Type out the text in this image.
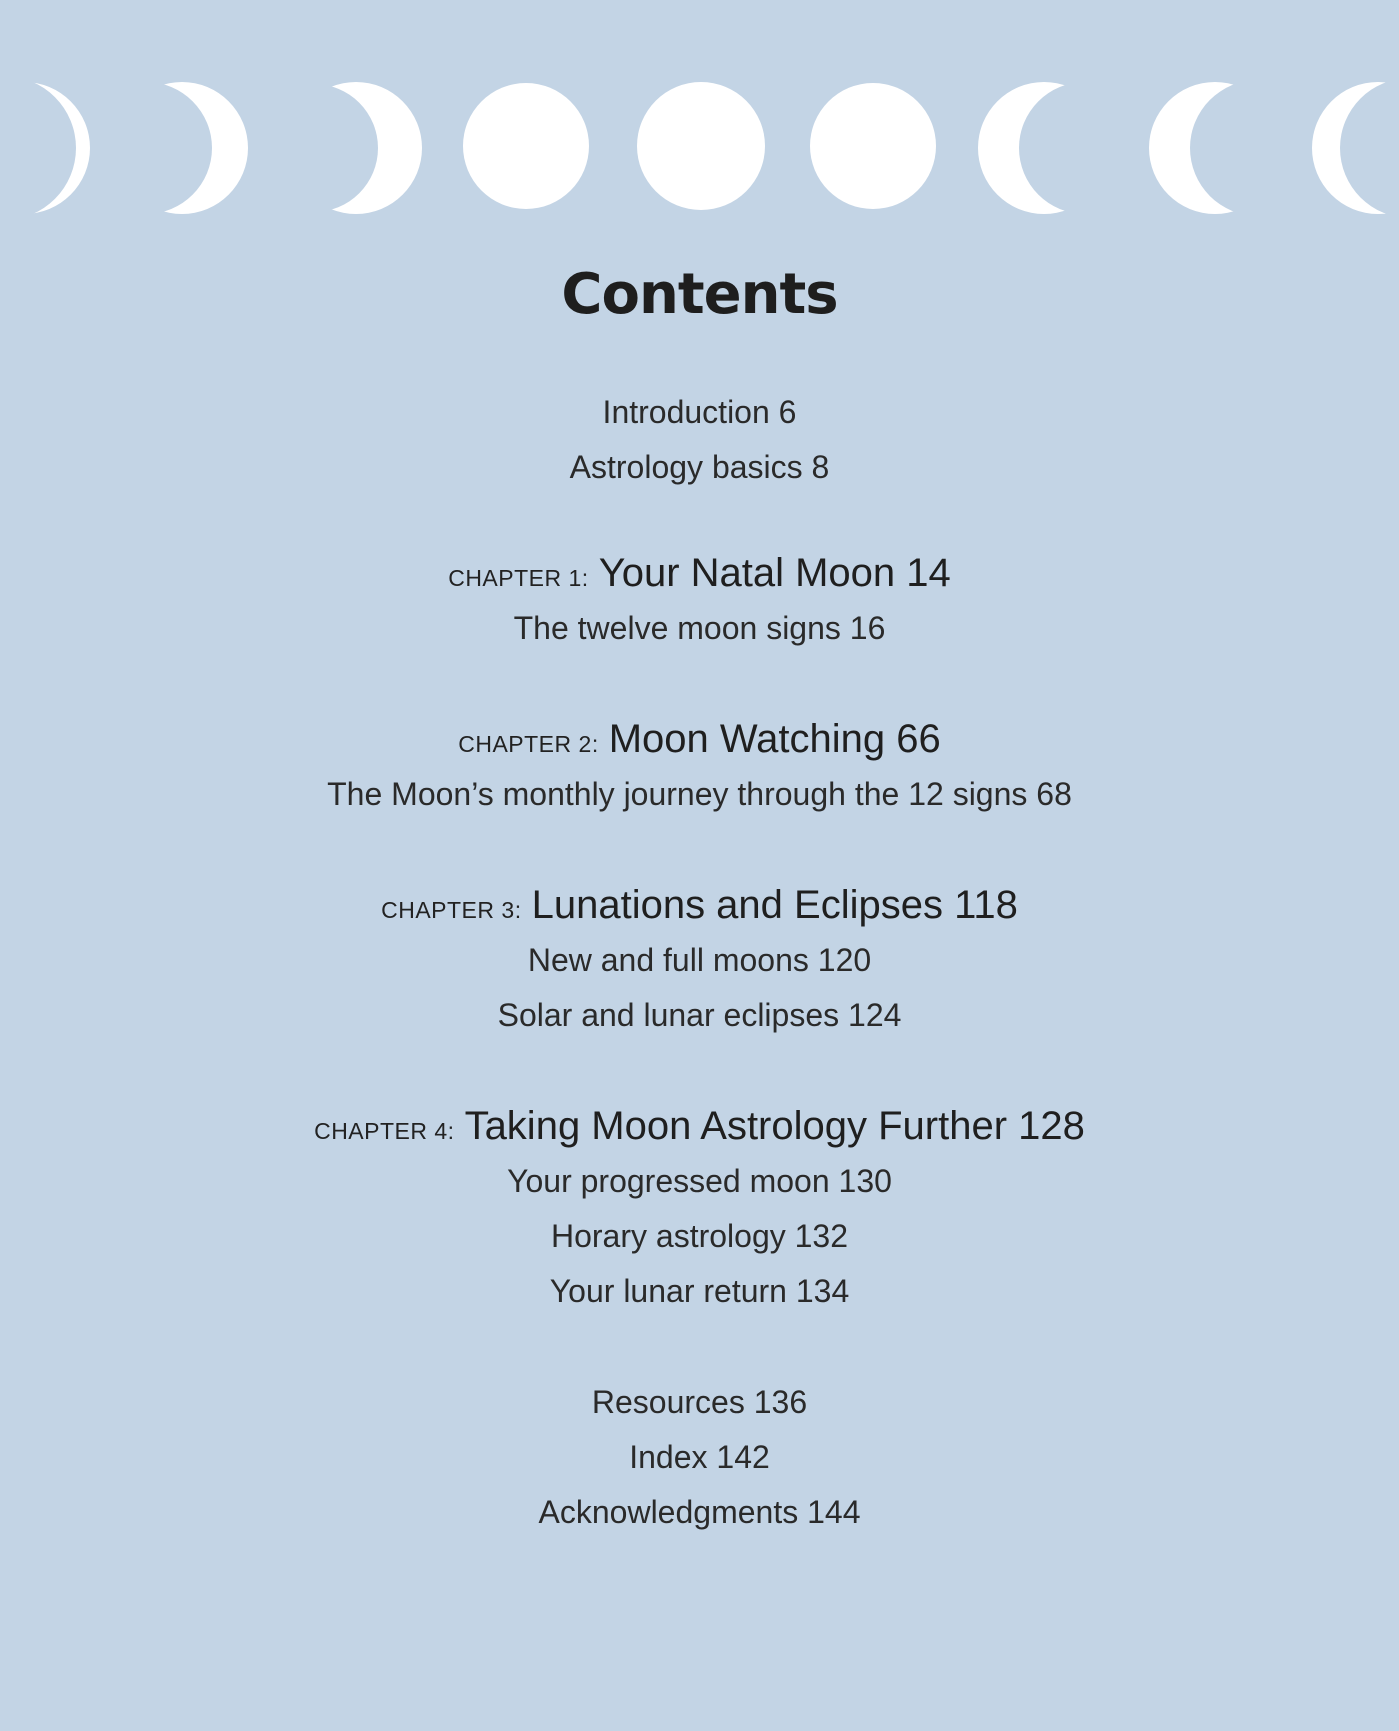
Contents
Introduction 6
Astrology basics 8
CHAPTER 1: Your Natal Moon 14
The twelve moon signs 16
CHAPTER 2: Moon Watching 66
The Moon’s monthly journey through the 12 signs 68
CHAPTER 3: Lunations and Eclipses 118
New and full moons 120
Solar and lunar eclipses 124
CHAPTER 4: Taking Moon Astrology Further 128
Your progressed moon 130
Horary astrology 132
Your lunar return 134
Resources 136
Index 142
Acknowledgments 144
